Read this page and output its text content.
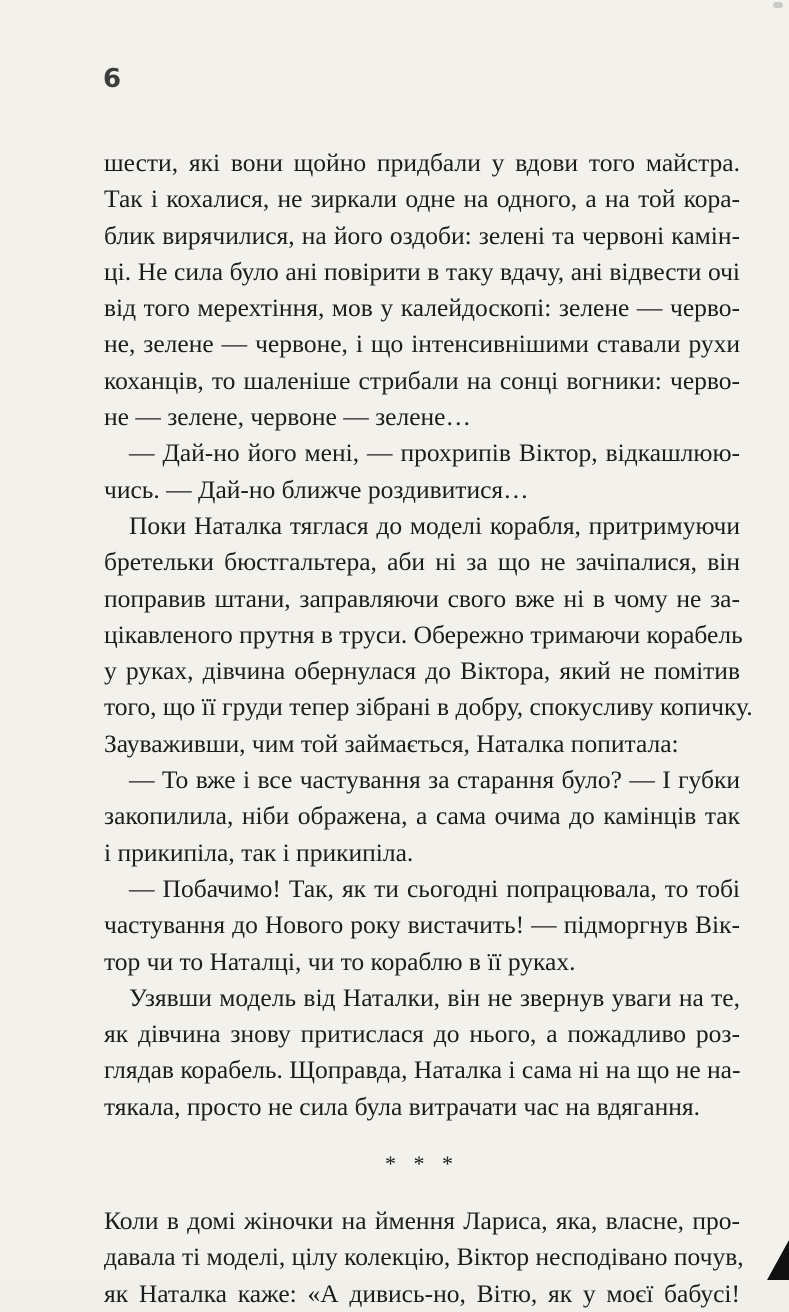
6
шести, які вони щойно придбали у вдови того майстра.
Так і кохалися, не зиркали одне на одного, а на той кора-
блик вирячилися, на його оздоби: зелені та червоні камін-
ці. Не сила було ані повірити в таку вдачу, ані відвести очі
від того мерехтіння, мов у калейдоскопі: зелене — черво-
не, зелене — червоне, і що інтенсивнішими ставали рухи
коханців, то шаленіше стрибали на сонці вогники: черво-
не — зелене, червоне — зелене…
— Дай-но його мені, — прохрипів Віктор, відкашлюю-
чись. — Дай-но ближче роздивитися…
Поки Наталка тяглася до моделі корабля, притримуючи
бретельки бюстгальтера, аби ні за що не зачіпалися, він
поправив штани, заправляючи свого вже ні в чому не за-
цікавленого прутня в труси. Обережно тримаючи корабель
у руках, дівчина обернулася до Віктора, який не помітив
того, що її груди тепер зібрані в добру, спокусливу копичку.
Зауваживши, чим той займається, Наталка попитала:
— То вже і все частування за старання було? — І губки
закопилила, ніби ображена, а сама очима до камінців так
і прикипіла, так і прикипіла.
— Побачимо! Так, як ти сьогодні попрацювала, то тобі
частування до Нового року вистачить! — підморгнув Вік-
тор чи то Наталці, чи то кораблю в її руках.
Узявши модель від Наталки, він не звернув уваги на те,
як дівчина знову притислася до нього, а пожадливо роз-
глядав корабель. Щоправда, Наталка і сама ні на що не на-
тякала, просто не сила була витрачати час на вдягання.
* * *
Коли в домі жіночки на ймення Лариса, яка, власне, про-
давала ті моделі, цілу колекцію, Віктор несподівано почув,
як Наталка каже: «А дивись-но, Вітю, як у моєї бабусі!
